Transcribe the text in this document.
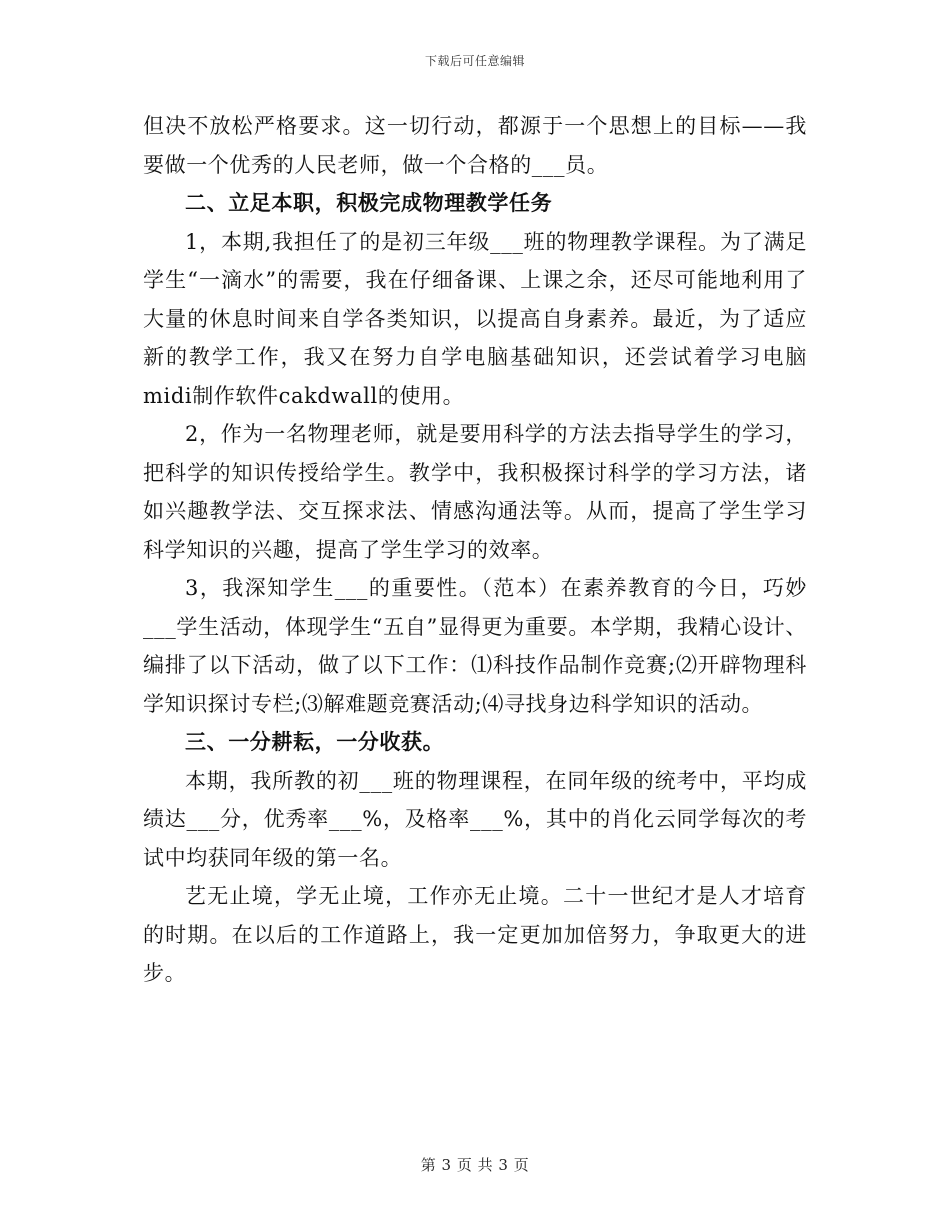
下载后可任意编辑

但决不放松严格要求。这一切行动，都源于一个思想上的目标——我要做一个优秀的人民老师，做一个合格的___员。

二、立足本职，积极完成物理教学任务

1，本期,我担任了的是初三年级___班的物理教学课程。为了满足学生“一滴水”的需要，我在仔细备课、上课之余，还尽可能地利用了大量的休息时间来自学各类知识，以提高自身素养。最近，为了适应新的教学工作，我又在努力自学电脑基础知识，还尝试着学习电脑midi制作软件cakdwall的使用。

2，作为一名物理老师，就是要用科学的方法去指导学生的学习，把科学的知识传授给学生。教学中，我积极探讨科学的学习方法，诸如兴趣教学法、交互探求法、情感沟通法等。从而，提高了学生学习科学知识的兴趣，提高了学生学习的效率。

3，我深知学生___的重要性。（范本）在素养教育的今日，巧妙___学生活动，体现学生“五自”显得更为重要。本学期，我精心设计、编排了以下活动，做了以下工作：⑴科技作品制作竞赛;⑵开辟物理科学知识探讨专栏;⑶解难题竞赛活动;⑷寻找身边科学知识的活动。

三、一分耕耘，一分收获。

本期，我所教的初___班的物理课程，在同年级的统考中，平均成绩达___分，优秀率___%，及格率___%，其中的肖化云同学每次的考试中均获同年级的第一名。

艺无止境，学无止境，工作亦无止境。二十一世纪才是人才培育的时期。在以后的工作道路上，我一定更加加倍努力，争取更大的进步。

第 3 页 共 3 页
